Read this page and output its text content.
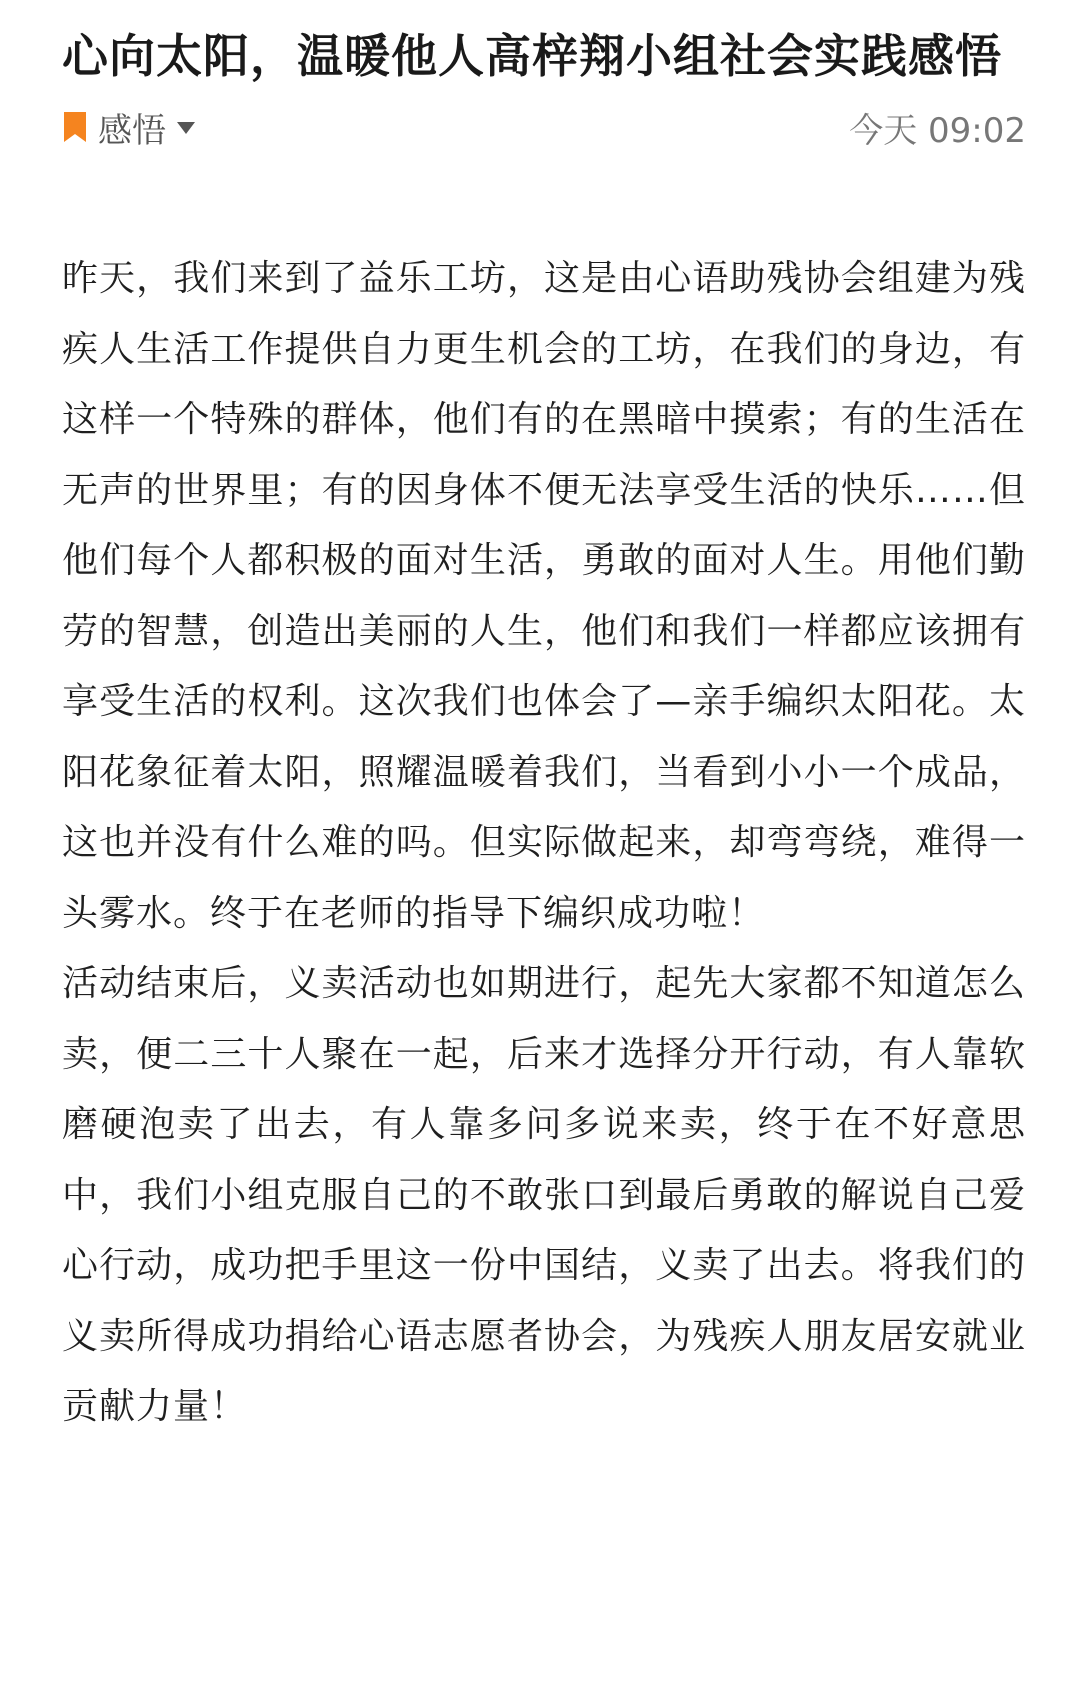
心向太阳，温暖他人高梓翔小组社会实践感悟
感悟	今天 09:02

昨天，我们来到了益乐工坊，这是由心语助残协会组建为残疾人生活工作提供自力更生机会的工坊，在我们的身边，有这样一个特殊的群体，他们有的在黑暗中摸索；有的生活在无声的世界里；有的因身体不便无法享受生活的快乐……但他们每个人都积极的面对生活，勇敢的面对人生。用他们勤劳的智慧，创造出美丽的人生，他们和我们一样都应该拥有享受生活的权利。这次我们也体会了—亲手编织太阳花。太阳花象征着太阳，照耀温暖着我们，当看到小小一个成品，这也并没有什么难的吗。但实际做起来，却弯弯绕，难得一头雾水。终于在老师的指导下编织成功啦！

活动结束后，义卖活动也如期进行，起先大家都不知道怎么卖，便二三十人聚在一起，后来才选择分开行动，有人靠软磨硬泡卖了出去，有人靠多问多说来卖，终于在不好意思中，我们小组克服自己的不敢张口到最后勇敢的解说自己爱心行动，成功把手里这一份中国结，义卖了出去。将我们的义卖所得成功捐给心语志愿者协会，为残疾人朋友居安就业贡献力量！
